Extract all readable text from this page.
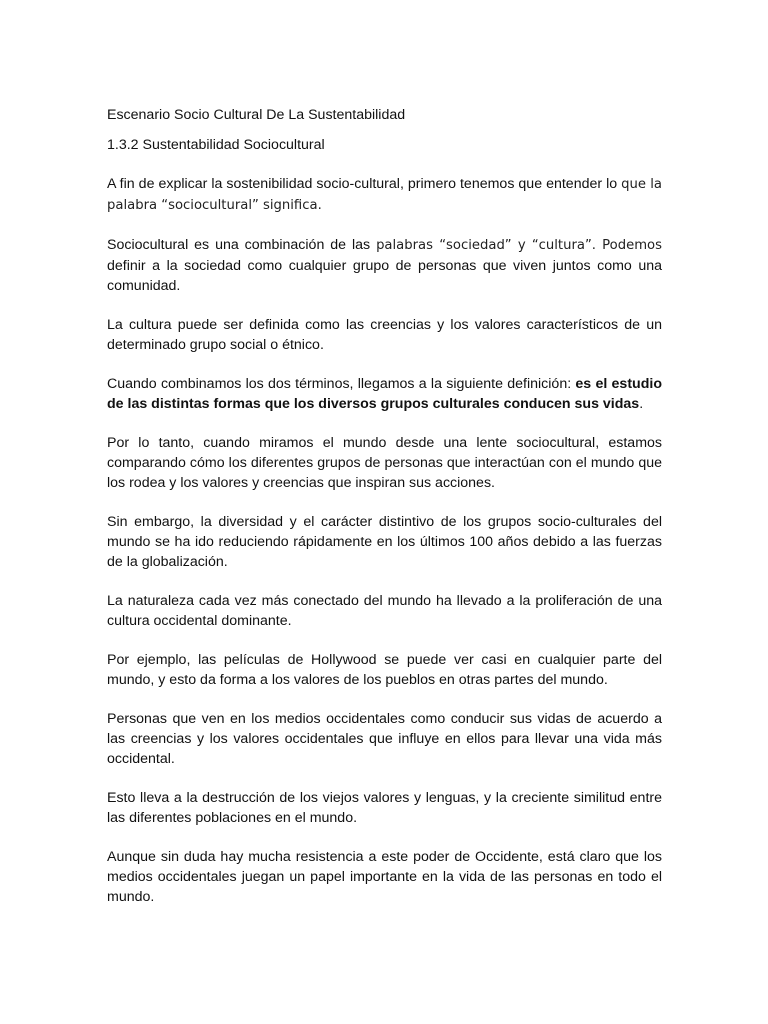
Escenario Socio Cultural De La Sustentabilidad
1.3.2 Sustentabilidad Sociocultural

A fin de explicar la sostenibilidad socio-cultural, primero tenemos que entender lo que la palabra “sociocultural” significa.

Sociocultural es una combinación de las palabras “sociedad” y “cultura”. Podemos definir a la sociedad como cualquier grupo de personas que viven juntos como una comunidad.

La cultura puede ser definida como las creencias y los valores característicos de un determinado grupo social o étnico.

Cuando combinamos los dos términos, llegamos a la siguiente definición: es el estudio de las distintas formas que los diversos grupos culturales conducen sus vidas.

Por lo tanto, cuando miramos el mundo desde una lente sociocultural, estamos comparando cómo los diferentes grupos de personas que interactúan con el mundo que los rodea y los valores y creencias que inspiran sus acciones.

Sin embargo, la diversidad y el carácter distintivo de los grupos socio-culturales del mundo se ha ido reduciendo rápidamente en los últimos 100 años debido a las fuerzas de la globalización.

La naturaleza cada vez más conectado del mundo ha llevado a la proliferación de una cultura occidental dominante.

Por ejemplo, las películas de Hollywood se puede ver casi en cualquier parte del mundo, y esto da forma a los valores de los pueblos en otras partes del mundo.

Personas que ven en los medios occidentales como conducir sus vidas de acuerdo a las creencias y los valores occidentales que influye en ellos para llevar una vida más occidental.

Esto lleva a la destrucción de los viejos valores y lenguas, y la creciente similitud entre las diferentes poblaciones en el mundo.

Aunque sin duda hay mucha resistencia a este poder de Occidente, está claro que los medios occidentales juegan un papel importante en la vida de las personas en todo el mundo.
